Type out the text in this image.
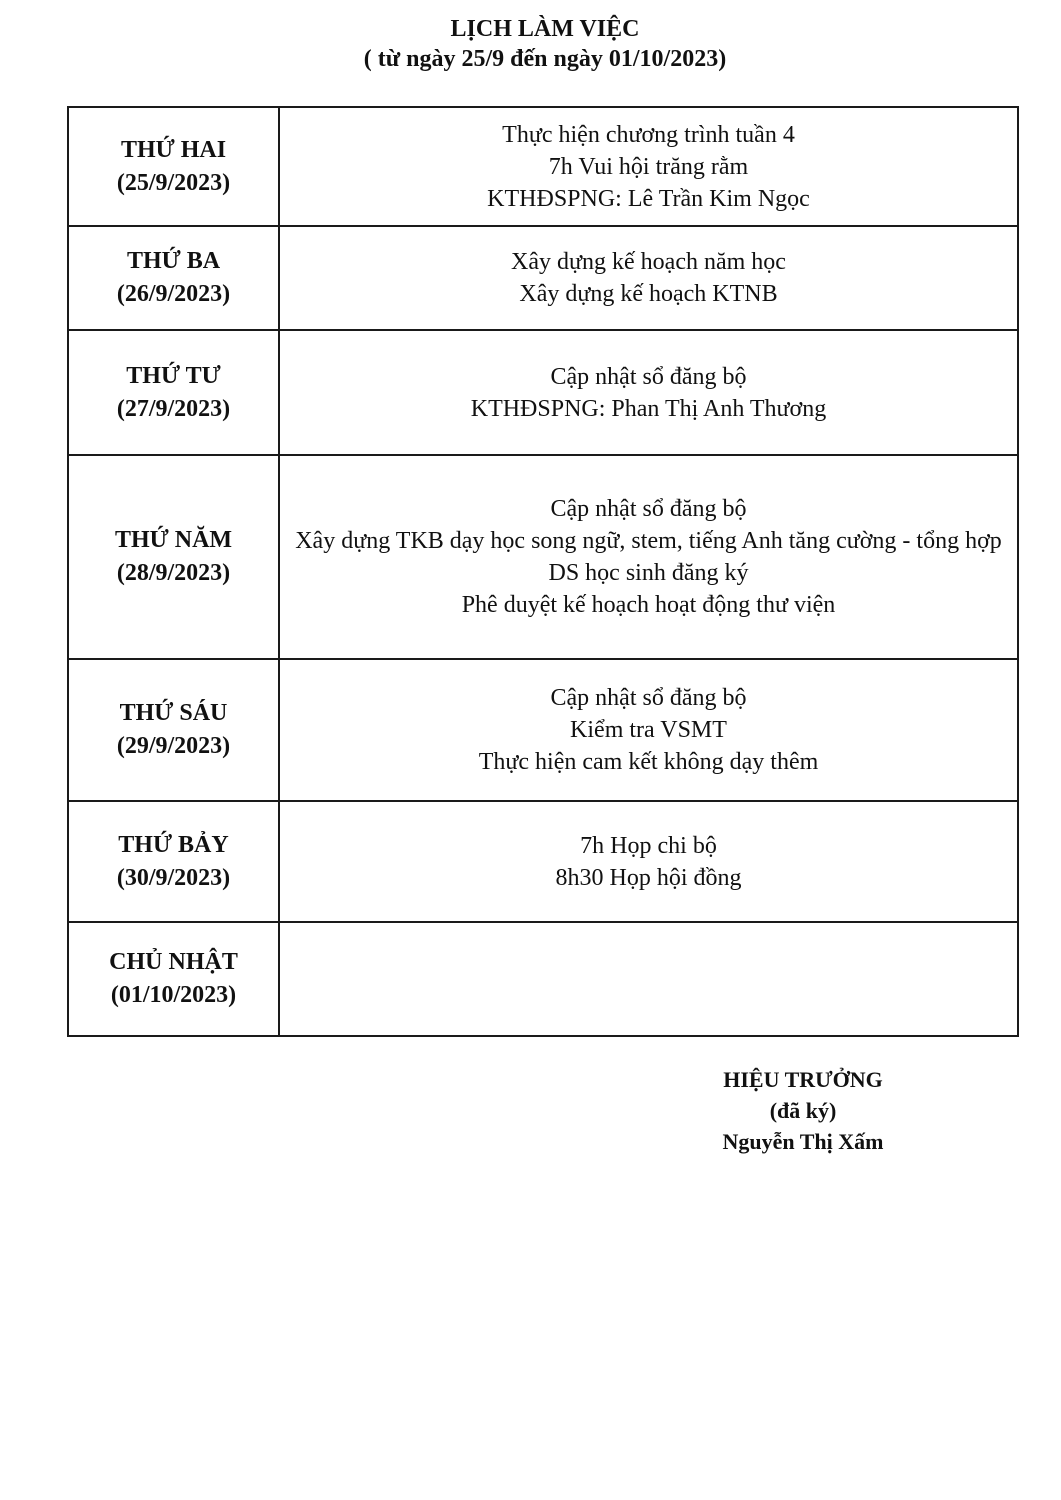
LỊCH LÀM VIỆC
( từ ngày 25/9 đến ngày 01/10/2023)
THỨ HAI
(25/9/2023)	Thực hiện chương trình tuần 4
7h Vui hội trăng rằm
KTHĐSPNG: Lê Trần Kim Ngọc

THỨ BA
(26/9/2023)	Xây dựng kế hoạch năm học
Xây dựng kế hoạch KTNB

THỨ TƯ
(27/9/2023)	Cập nhật sổ đăng bộ
KTHĐSPNG: Phan Thị Anh Thương

THỨ NĂM
(28/9/2023)	Cập nhật sổ đăng bộ
Xây dựng TKB dạy học song ngữ, stem, tiếng Anh tăng cường - tổng hợp DS học sinh đăng ký
Phê duyệt kế hoạch hoạt động thư viện

THỨ SÁU
(29/9/2023)	Cập nhật sổ đăng bộ
Kiểm tra VSMT
Thực hiện cam kết không dạy thêm

THỨ BẢY
(30/9/2023)	7h Họp chi bộ
8h30 Họp hội đồng

CHỦ NHẬT
(01/10/2023)	

HIỆU TRƯỞNG
(đã ký)
Nguyễn Thị Xấm
